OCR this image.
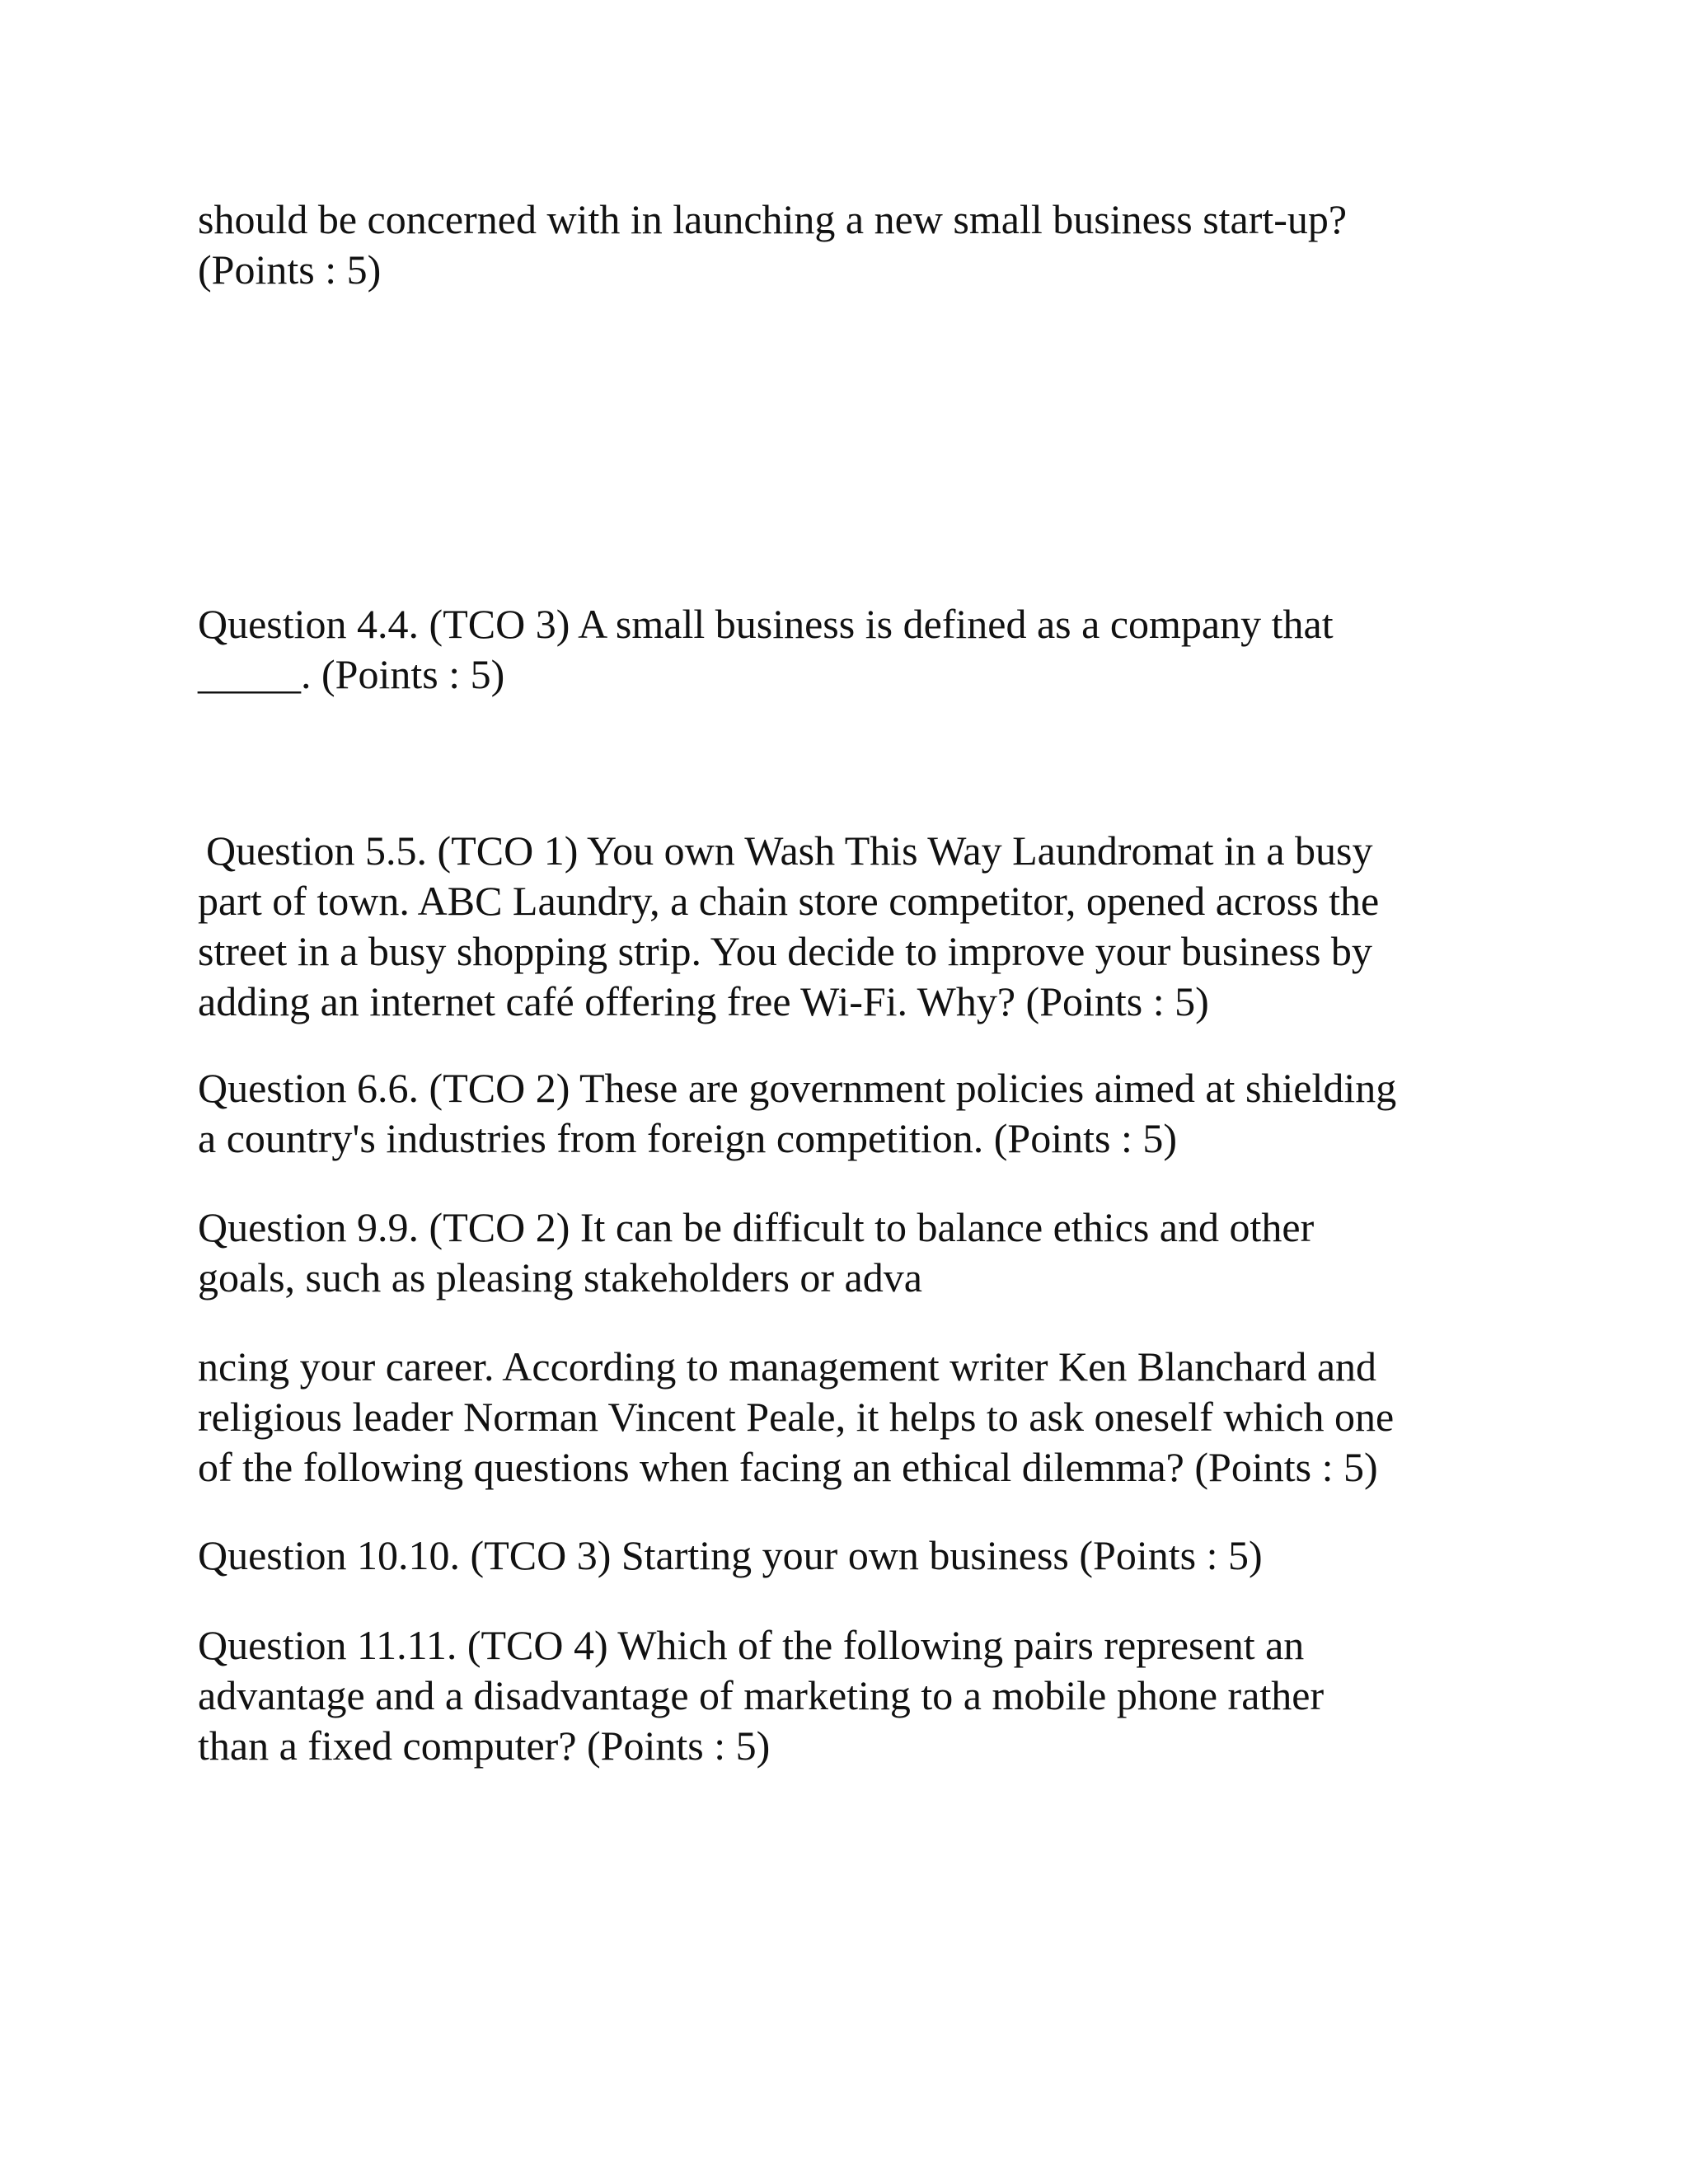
should be concerned with in launching a new small business start-up?
(Points : 5)
Question 4.4. (TCO 3) A small business is defined as a company that
_____. (Points : 5)
Question 5.5. (TCO 1) You own Wash This Way Laundromat in a busy
part of town. ABC Laundry, a chain store competitor, opened across the
street in a busy shopping strip. You decide to improve your business by
adding an internet café offering free Wi-Fi. Why? (Points : 5)
Question 6.6. (TCO 2) These are government policies aimed at shielding
a country's industries from foreign competition. (Points : 5)
Question 9.9. (TCO 2) It can be difficult to balance ethics and other
goals, such as pleasing stakeholders or adva
ncing your career. According to management writer Ken Blanchard and
religious leader Norman Vincent Peale, it helps to ask oneself which one
of the following questions when facing an ethical dilemma? (Points : 5)
Question 10.10. (TCO 3) Starting your own business (Points : 5)
Question 11.11. (TCO 4) Which of the following pairs represent an
advantage and a disadvantage of marketing to a mobile phone rather
than a fixed computer? (Points : 5)
